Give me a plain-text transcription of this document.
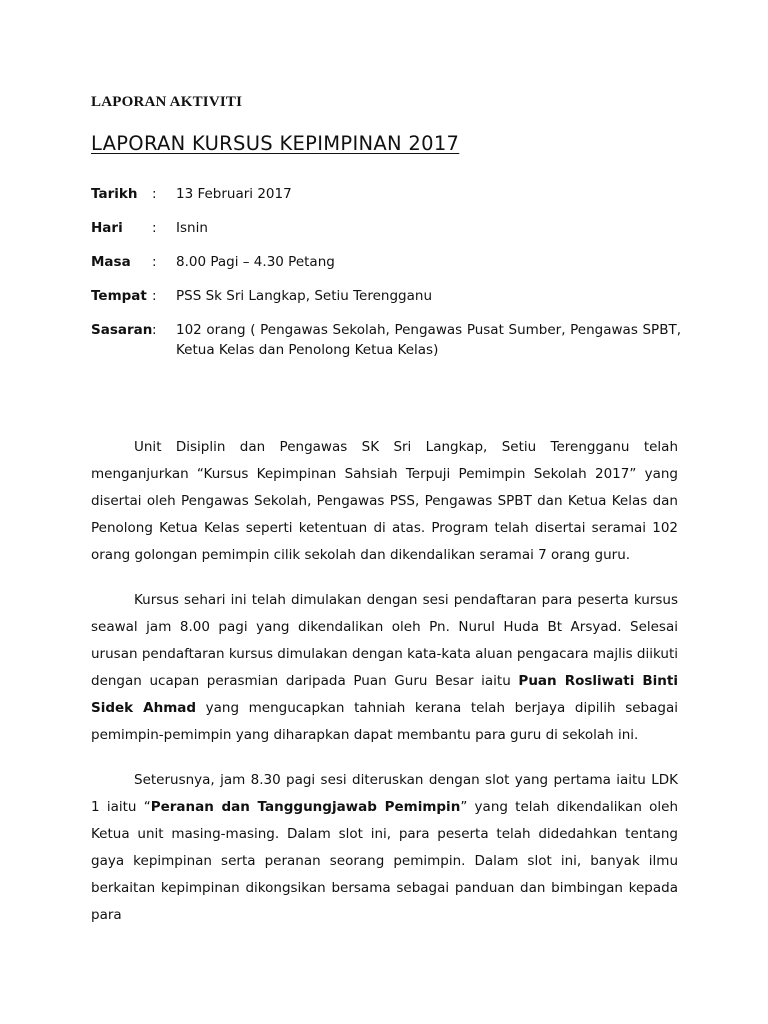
LAPORAN AKTIVITI
LAPORAN KURSUS KEPIMPINAN 2017
Tarikh : 13 Februari 2017
Hari : Isnin
Masa : 8.00 Pagi – 4.30 Petang
Tempat : PSS Sk Sri Langkap, Setiu Terengganu
Sasaran : 102 orang ( Pengawas Sekolah, Pengawas Pusat Sumber, Pengawas SPBT, Ketua Kelas dan Penolong Ketua Kelas)

Unit Disiplin dan Pengawas SK Sri Langkap, Setiu Terengganu telah menganjurkan “Kursus Kepimpinan Sahsiah Terpuji Pemimpin Sekolah 2017” yang disertai oleh Pengawas Sekolah, Pengawas PSS, Pengawas SPBT dan Ketua Kelas dan Penolong Ketua Kelas seperti ketentuan di atas. Program telah disertai seramai 102 orang golongan pemimpin cilik sekolah dan dikendalikan seramai 7 orang guru.

Kursus sehari ini telah dimulakan dengan sesi pendaftaran para peserta kursus seawal jam 8.00 pagi yang dikendalikan oleh Pn. Nurul Huda Bt Arsyad. Selesai urusan pendaftaran kursus dimulakan dengan kata-kata aluan pengacara majlis diikuti dengan ucapan perasmian daripada Puan Guru Besar iaitu Puan Rosliwati Binti Sidek Ahmad yang mengucapkan tahniah kerana telah berjaya dipilih sebagai pemimpin-pemimpin yang diharapkan dapat membantu para guru di sekolah ini.

Seterusnya, jam 8.30 pagi sesi diteruskan dengan slot yang pertama iaitu LDK 1 iaitu “Peranan dan Tanggungjawab Pemimpin” yang telah dikendalikan oleh Ketua unit masing-masing. Dalam slot ini, para peserta telah didedahkan tentang gaya kepimpinan serta peranan seorang pemimpin. Dalam slot ini, banyak ilmu berkaitan kepimpinan dikongsikan bersama sebagai panduan dan bimbingan kepada para
